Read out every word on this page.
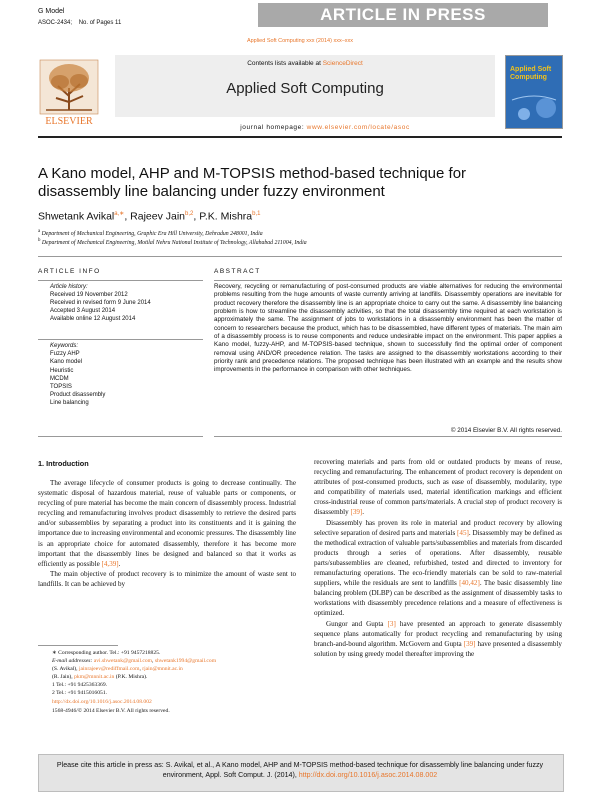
G Model
ASOC-2434; No. of Pages 11	ARTICLE IN PRESS
Applied Soft Computing xxx (2014) xxx–xxx
ELSEVIER
Contents lists available at ScienceDirect
Applied Soft Computing
journal homepage: www.elsevier.com/locate/asoc
Applied Soft Computing
A Kano model, AHP and M-TOPSIS method-based technique for disassembly line balancing under fuzzy environment
Shwetank Avikal$^{a,∗}$, Rajeev Jain$^{b,2}$, P.K. Mishra$^{b,1}$
$^a$ Department of Mechanical Engineering, Graphic Era Hill University, Dehradun 248001, India
$^b$ Department of Mechanical Engineering, Motilal Nehru National Institute of Technology, Allahabad 211004, India
ARTICLE INFO
Article history:
Received 19 November 2012
Received in revised form 9 June 2014
Accepted 3 August 2014
Available online 12 August 2014
Keywords:
Fuzzy AHP
Kano model
Heuristic
MCDM
TOPSIS
Product disassembly
Line balancing
ABSTRACT
Recovery, recycling or remanufacturing of post-consumed products are viable alternatives for reducing the environmental problems resulting from the huge amounts of waste currently arriving at landfills. Disassembly operations are inevitable for product recovery therefore the disassembly line is an appropriate choice to carry out the same. A disassembly line balancing problem is how to streamline the disassembly activities, so that the total disassembly time required at each workstation is approximately the same. The assignment of jobs to workstations in a disassembly environment has been the matter of concern to researchers because the product, which has to be disassembled, have different types of materials. The main aim of a disassembly process is to reuse components and reduce undesirable impact on the environment. This paper applies a Kano model, fuzzy-AHP, and M-TOPSIS-based technique, shown to successfully find the optimal order of component removal using AND/OR precedence relation. The tasks are assigned to the disassembly workstations according to their priority rank and precedence relations. The proposed technique has been illustrated with an example and the results show improvements in the performance in comparison with other techniques.
© 2014 Elsevier B.V. All rights reserved.
1. Introduction

The average lifecycle of consumer products is going to decrease continually. The systematic disposal of hazardous material, reuse of valuable parts or components, or recycling of pure material has become the main concern of disassembly process. Industrial recycling and remanufacturing involves product disassembly to retrieve the desired parts and/or subassemblies by separating a product into its constituents and it is gaining the importance due to increasing environmental and economic pressures. The disassembly line is an appropriate choice for automated disassembly, therefore it has become more important that the disassembly lines be designed and balanced so that it works as efficiently as possible [4,39].

The main objective of product recovery is to minimize the amount of waste sent to landfills. It can be achieved by

recovering materials and parts from old or outdated products by means of reuse, recycling and remanufacturing. The enhancement of product recovery is dependent on attributes of post-consumed products, such as ease of disassembly, modularity, type and compatibility of materials used, material identification markings and efficient cross-industrial reuse of common parts/materials. A crucial step of product recovery is disassembly [39].

Disassembly has proven its role in material and product recovery by allowing selective separation of desired parts and materials [45]. Disassembly may be defined as the methodical extraction of valuable parts/subassemblies and materials from discarded products through a series of operations. After disassembly, reusable parts/subassemblies are cleaned, refurbished, tested and directed to inventory for remanufacturing operations. The eco-friendly materials can be sold to raw-material suppliers, while the residuals are sent to landfills [40,42]. The basic disassembly line balancing problem (DLBP) can be described as the assignment of disassembly tasks to workstations with disassembly precedence relations and a measure of effectiveness is optimized.

Gungor and Gupta [3] have presented an approach to generate disassembly sequence plans automatically for product recycling and remanufacturing by using branch-and-bound algorithm. McGovern and Gupta [39] have presented a disassembly solution by using greedy model thereafter improving the

∗ Corresponding author. Tel.: +91 9457218825.
E-mail addresses: avi.shwetank@gmail.com, shwetank1994@gmail.com
(S. Avikal), jainrajeev@rediffmail.com, rjain@mnnit.ac.in
(R. Jain), pkm@mnnit.ac.in (P.K. Mishra).
1 Tel.: +91 9425363369.
2 Tel.: +91 9415016051.
http://dx.doi.org/10.1016/j.asoc.2014.08.002
1568-4946/© 2014 Elsevier B.V. All rights reserved.
Please cite this article in press as: S. Avikal, et al., A Kano model, AHP and M-TOPSIS method-based technique for disassembly line balancing under fuzzy environment, Appl. Soft Comput. J. (2014), http://dx.doi.org/10.1016/j.asoc.2014.08.002
